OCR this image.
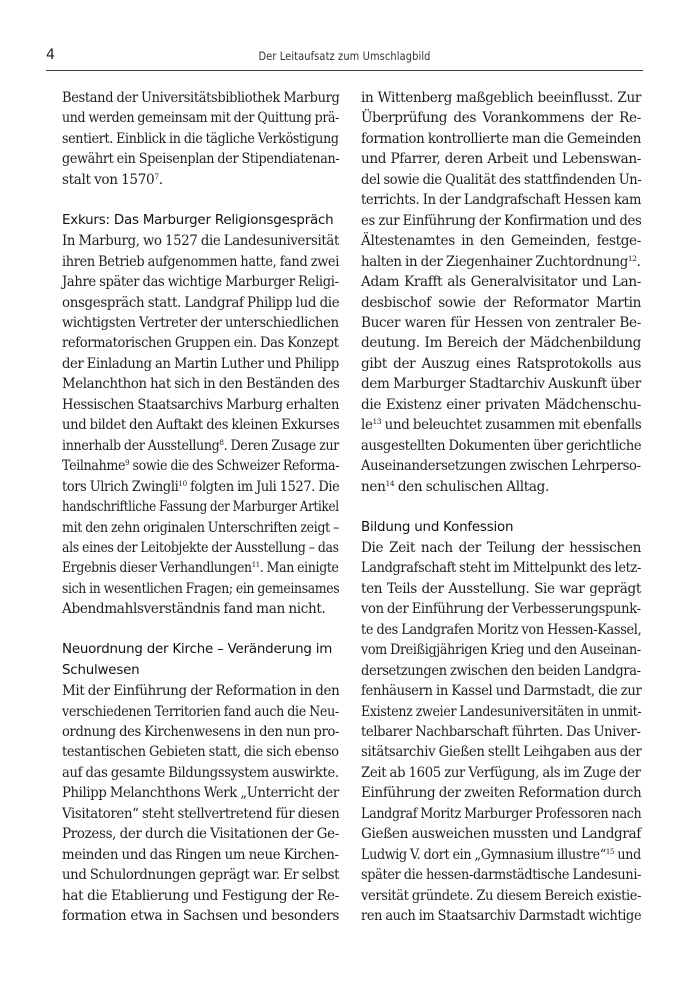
4	Der Leitaufsatz zum Umschlagbild
Bestand der Universitätsbibliothek Marburg
und werden gemeinsam mit der Quittung prä-
sentiert. Einblick in die tägliche Verköstigung
gewährt ein Speisenplan der Stipendiatenan-
stalt von 1570$^7$.
Exkurs: Das Marburger Religionsgespräch
In Marburg, wo 1527 die Landesuniversität
ihren Betrieb aufgenommen hatte, fand zwei
Jahre später das wichtige Marburger Religi-
onsgespräch statt. Landgraf Philipp lud die
wichtigsten Vertreter der unterschiedlichen
reformatorischen Gruppen ein. Das Konzept
der Einladung an Martin Luther und Philipp
Melanchthon hat sich in den Beständen des
Hessischen Staatsarchivs Marburg erhalten
und bildet den Auftakt des kleinen Exkurses
innerhalb der Ausstellung$^8$. Deren Zusage zur
Teilnahme$^9$ sowie die des Schweizer Reforma-
tors Ulrich Zwingli$^{10}$ folgten im Juli 1527. Die
handschriftliche Fassung der Marburger Artikel
mit den zehn originalen Unterschriften zeigt –
als eines der Leitobjekte der Ausstellung – das
Ergebnis dieser Verhandlungen$^{11}$. Man einigte
sich in wesentlichen Fragen; ein gemeinsames
Abendmahlsverständnis fand man nicht.
Neuordnung der Kirche – Veränderung im
Schulwesen
Mit der Einführung der Reformation in den
verschiedenen Territorien fand auch die Neu-
ordnung des Kirchenwesens in den nun pro-
testantischen Gebieten statt, die sich ebenso
auf das gesamte Bildungssystem auswirkte.
Philipp Melanchthons Werk „Unterricht der
Visitatoren“ steht stellvertretend für diesen
Prozess, der durch die Visitationen der Ge-
meinden und das Ringen um neue Kirchen-
und Schulordnungen geprägt war. Er selbst
hat die Etablierung und Festigung der Re-
formation etwa in Sachsen und besonders
in Wittenberg maßgeblich beeinflusst. Zur
Überprüfung des Vorankommens der Re-
formation kontrollierte man die Gemeinden
und Pfarrer, deren Arbeit und Lebenswan-
del sowie die Qualität des stattfindenden Un-
terrichts. In der Landgrafschaft Hessen kam
es zur Einführung der Konfirmation und des
Ältestenamtes in den Gemeinden, festge-
halten in der Ziegenhainer Zuchtordnung$^{12}$.
Adam Krafft als Generalvisitator und Lan-
desbischof sowie der Reformator Martin
Bucer waren für Hessen von zentraler Be-
deutung. Im Bereich der Mädchenbildung
gibt der Auszug eines Ratsprotokolls aus
dem Marburger Stadtarchiv Auskunft über
die Existenz einer privaten Mädchenschu-
$le^{13}$ und beleuchtet zusammen mit ebenfalls
ausgestellten Dokumenten über gerichtliche
Auseinandersetzungen zwischen Lehrperso-
nen$^{14}$ den schulischen Alltag.
Bildung und Konfession
Die Zeit nach der Teilung der hessischen
Landgrafschaft steht im Mittelpunkt des letz-
ten Teils der Ausstellung. Sie war geprägt
von der Einführung der Verbesserungspunk-
te des Landgrafen Moritz von Hessen-Kassel,
vom Dreißigjährigen Krieg und den Auseinan-
dersetzungen zwischen den beiden Landgra-
fenhäusern in Kassel und Darmstadt, die zur
Existenz zweier Landesuniversitäten in unmit-
telbarer Nachbarschaft führten. Das Univer-
sitätsarchiv Gießen stellt Leihgaben aus der
Zeit ab 1605 zur Verfügung, als im Zuge der
Einführung der zweiten Reformation durch
Landgraf Moritz Marburger Professoren nach
Gießen ausweichen mussten und Landgraf
Ludwig V. dort ein „Gymnasium illustre“$^{15}$ und
später die hessen-darmstädtische Landesuni-
versität gründete. Zu diesem Bereich existie-
ren auch im Staatsarchiv Darmstadt wichtige
